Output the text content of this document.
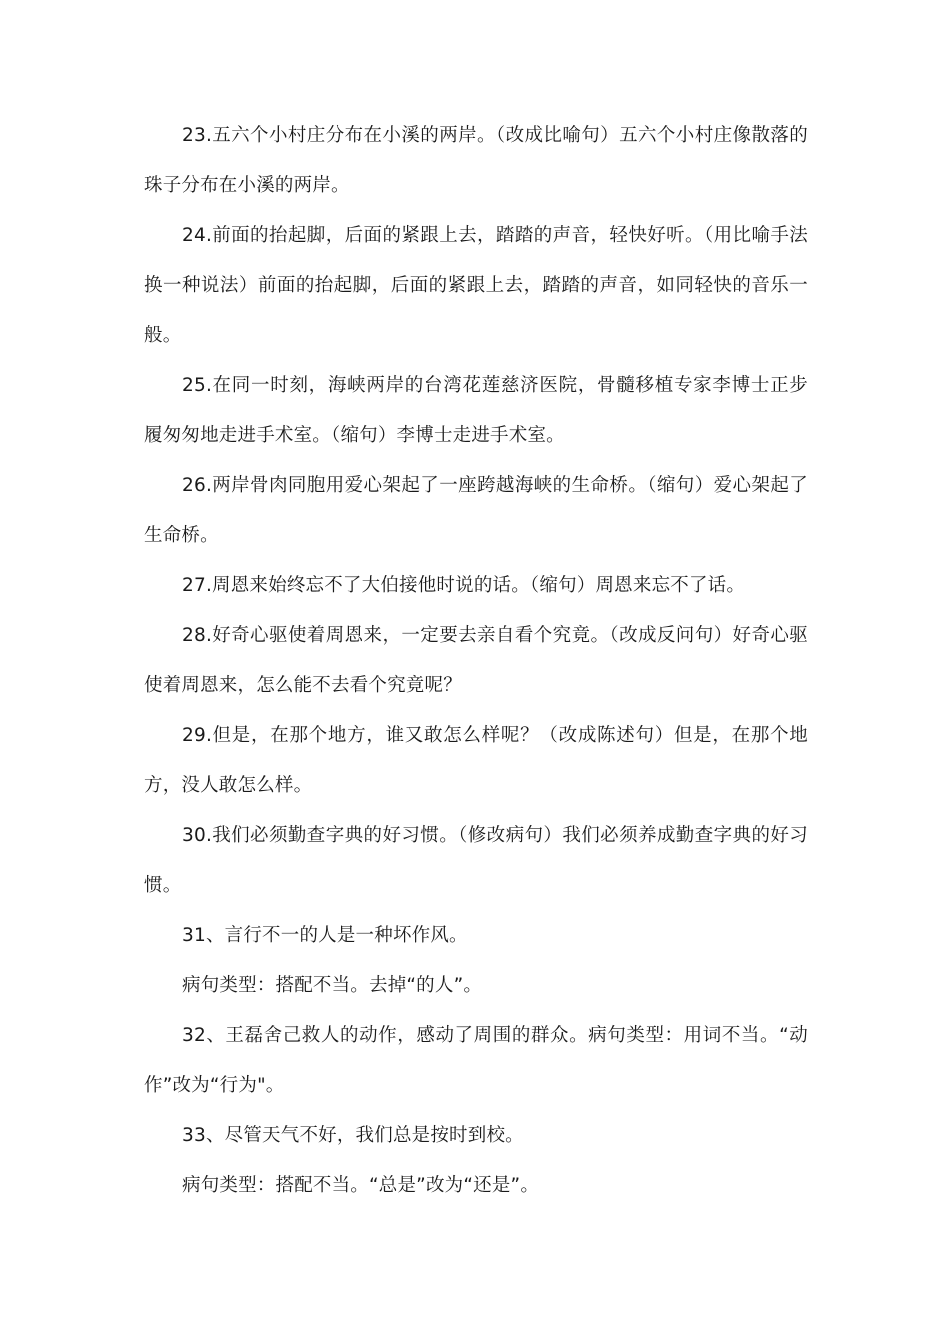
23.五六个小村庄分布在小溪的两岸。（改成比喻句）五六个小村庄像散落的珠子分布在小溪的两岸。

24.前面的抬起脚，后面的紧跟上去，踏踏的声音，轻快好听。（用比喻手法换一种说法）前面的抬起脚，后面的紧跟上去，踏踏的声音，如同轻快的音乐一般。

25.在同一时刻，海峡两岸的台湾花莲慈济医院，骨髓移植专家李博士正步履匆匆地走进手术室。（缩句）李博士走进手术室。

26.两岸骨肉同胞用爱心架起了一座跨越海峡的生命桥。（缩句）爱心架起了生命桥。

27.周恩来始终忘不了大伯接他时说的话。（缩句）周恩来忘不了话。

28.好奇心驱使着周恩来，一定要去亲自看个究竟。（改成反问句）好奇心驱使着周恩来，怎么能不去看个究竟呢？

29.但是，在那个地方，谁又敢怎么样呢？（改成陈述句）但是，在那个地方，没人敢怎么样。

30.我们必须勤查字典的好习惯。（修改病句）我们必须养成勤查字典的好习惯。

31、言行不一的人是一种坏作风。

病句类型：搭配不当。去掉“的人”。

32、王磊舍己救人的动作，感动了周围的群众。病句类型：用词不当。“动作”改为“行为"。

33、尽管天气不好，我们总是按时到校。

病句类型：搭配不当。“总是”改为“还是”。
